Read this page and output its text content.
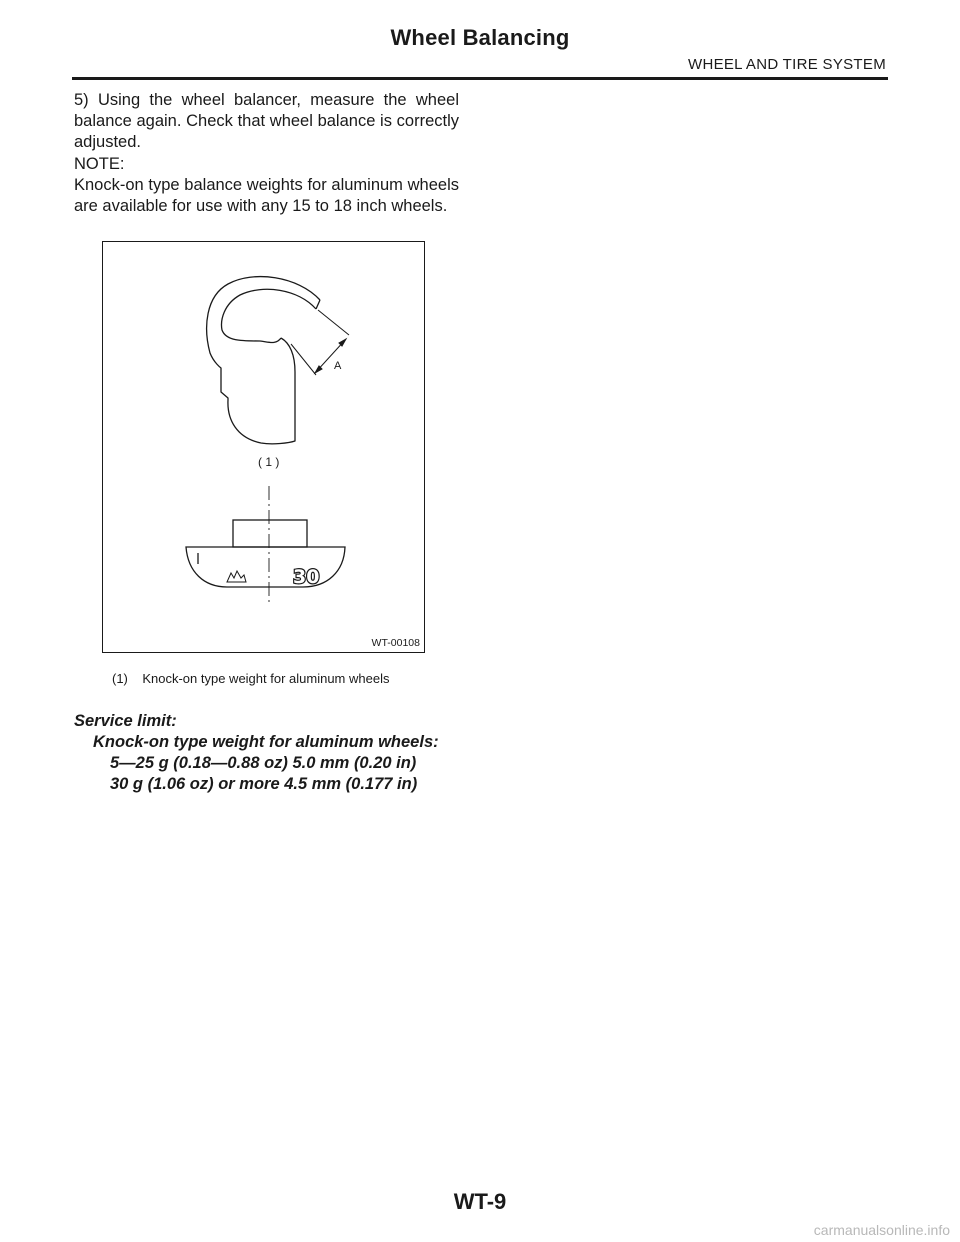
Wheel Balancing
WHEEL AND TIRE SYSTEM

5) Using the wheel balancer, measure the wheel balance again. Check that wheel balance is correctly adjusted.

NOTE:

Knock-on type balance weights for aluminum wheels are available for use with any 15 to 18 inch wheels.

30
A
( 1 )
WT-00108
(1)    Knock-on type weight for aluminum wheels
Service limit:
Knock-on type weight for aluminum wheels:
5—25 g (0.18—0.88 oz) 5.0 mm (0.20 in)
30 g (1.06 oz) or more 4.5 mm (0.177 in)
WT-9
carmanualsonline.info
